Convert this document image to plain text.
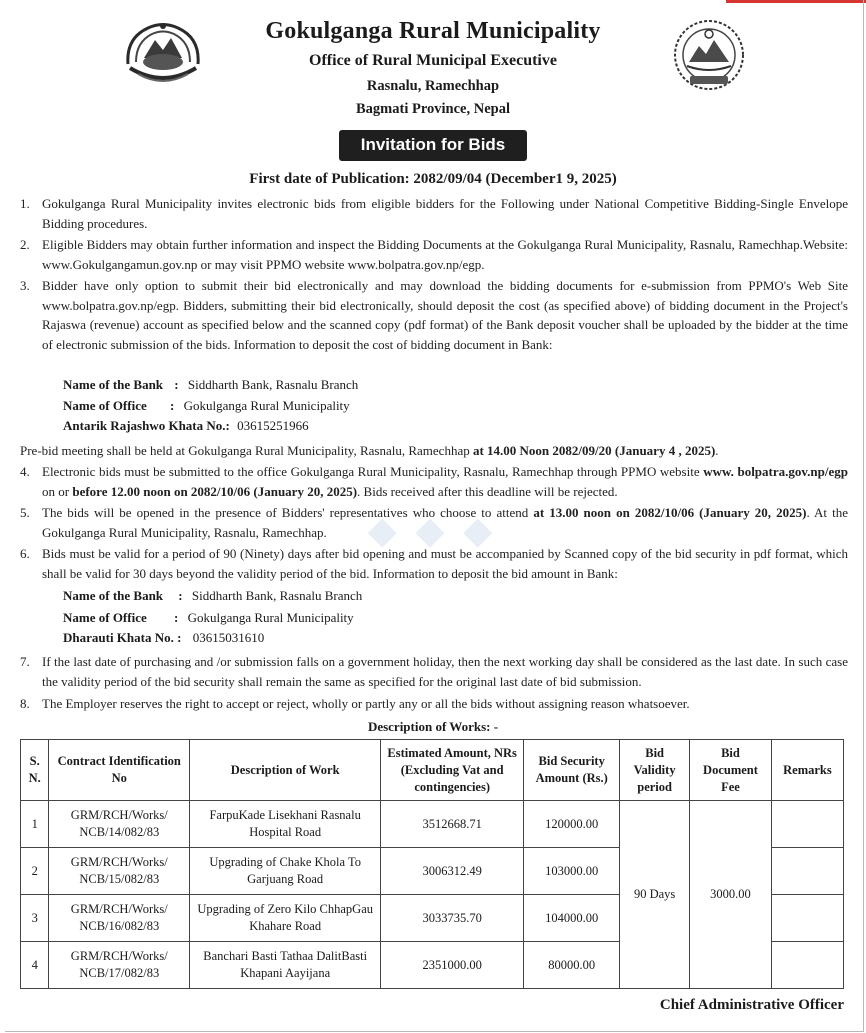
Gokulganga Rural Municipality
Office of Rural Municipal Executive
Rasnalu, Ramechhap
Bagmati Province, Nepal
Invitation for Bids
First date of Publication: 2082/09/04 (December1 9, 2025)
◆ ◆ ◆
1. Gokulganga Rural Municipality invites electronic bids from eligible bidders for the Following under National Competitive Bidding-Single Envelope Bidding procedures.
2. Eligible Bidders may obtain further information and inspect the Bidding Documents at the Gokulganga Rural Municipality, Rasnalu, Ramechhap.Website: www.Gokulgangamun.gov.np or may visit PPMO website www.bolpatra.gov.np/egp.
3. Bidder have only option to submit their bid electronically and may download the bidding documents for e-submission from PPMO's Web Site www.bolpatra.gov.np/egp. Bidders, submitting their bid electronically, should deposit the cost (as specified above) of bidding document in the Project's Rajaswa (revenue) account as specified below and the scanned copy (pdf format) of the Bank deposit voucher shall be uploaded by the bidder at the time of electronic submission of the bids. Information to deposit the cost of bidding document in Bank:
Name of the Bank : Siddharth Bank, Rasnalu Branch
Name of Office : Gokulganga Rural Municipality
Antarik Rajashwo Khata No.: 03615251966
Pre-bid meeting shall be held at Gokulganga Rural Municipality, Rasnalu, Ramechhap at 14.00 Noon 2082/09/20 (January 4 , 2025).
4. Electronic bids must be submitted to the office Gokulganga Rural Municipality, Rasnalu, Ramechhap through PPMO website www. bolpatra.gov.np/egp on or before 12.00 noon on 2082/10/06 (January 20, 2025). Bids received after this deadline will be rejected.
5. The bids will be opened in the presence of Bidders' representatives who choose to attend at 13.00 noon on 2082/10/06 (January 20, 2025). At the Gokulganga Rural Municipality, Rasnalu, Ramechhap.
6. Bids must be valid for a period of 90 (Ninety) days after bid opening and must be accompanied by Scanned copy of the bid security in pdf format, which shall be valid for 30 days beyond the validity period of the bid. Information to deposit the bid amount in Bank:
Name of the Bank : Siddharth Bank, Rasnalu Branch
Name of Office : Gokulganga Rural Municipality
Dharauti Khata No. : 03615031610
7. If the last date of purchasing and /or submission falls on a government holiday, then the next working day shall be considered as the last date. In such case the validity period of the bid security shall remain the same as specified for the original last date of bid submission.
8. The Employer reserves the right to accept or reject, wholly or partly any or all the bids without assigning reason whatsoever.
Description of Works: -
S. N.	Contract Identification No	Description of Work	Estimated Amount, NRs (Excluding Vat and contingencies)	Bid Security Amount (Rs.)	Bid Validity period	Bid Document Fee	Remarks
1	GRM/RCH/Works/ NCB/14/082/83	FarpuKade Lisekhani Rasnalu Hospital Road	3512668.71	120000.00	90 Days	3000.00	
2	GRM/RCH/Works/ NCB/15/082/83	Upgrading of Chake Khola To Garjuang Road	3006312.49	103000.00			
3	GRM/RCH/Works/ NCB/16/082/83	Upgrading of Zero Kilo ChhapGau Khahare Road	3033735.70	104000.00			
4	GRM/RCH/Works/ NCB/17/082/83	Banchari Basti Tathaa DalitBasti Khapani Aayijana	2351000.00	80000.00			
Chief Administrative Officer
